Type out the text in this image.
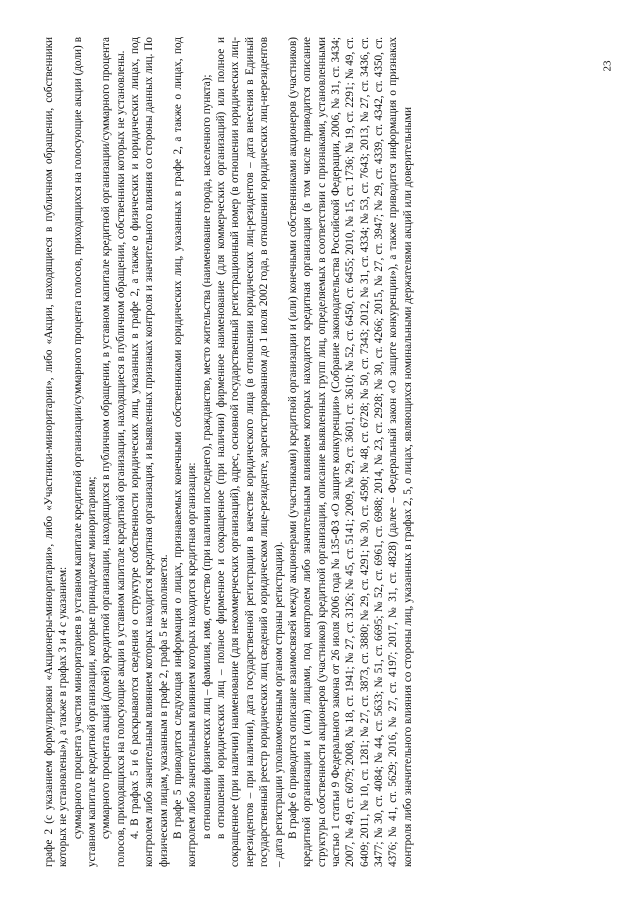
23

графе 2 (с указанием формулировки «Акционеры-миноритарии», либо «Участники-миноритарии», либо «Акции, находящиеся в публичном обращении, собственники которых не установлены»), а также в графах 3 и 4 с указанием: суммарного процента участия миноритариев в уставном капитале кредитной организации/суммарного процента голосов, приходящихся на голосующие акции (доли) в уставном капитале кредитной организации, которые принадлежат миноритариям; суммарного процента акций (долей) кредитной организации, находящихся в публичном обращении, в уставном капитале кредитной организации/суммарного процента голосов, приходящихся на голосующие акции в уставном капитале кредитной организации, находящиеся в публичном обращении, собственники которых не установлены. 4. В графах 5 и 6 раскрываются сведения о структуре собственности юридических лиц, указанных в графе 2, а также о физических и юридических лицах, под контролем либо значительным влиянием которых находится кредитная организация, и выявленных признаках контроля и значительного влияния со стороны данных лиц. По физическим лицам, указанным в графе 2, графа 5 не заполняется. В графе 5 приводится следующая информация о лицах, признаваемых конечными собственниками юридических лиц, указанных в графе 2, а также о лицах, под контролем либо значительным влиянием которых находится кредитная организация: в отношении физических лиц – фамилия, имя, отчество (при наличии последнего), гражданство, место жительства (наименование города, населенного пункта); в отношении юридических лиц – полное фирменное и сокращенное (при наличии) фирменное наименование (для коммерческих организаций) или полное и сокращенное (при наличии) наименование (для некоммерческих организаций), адрес, основной государственный регистрационный номер (в отношении юридических лиц-нерезидентов – при наличии), дата государственной регистрации в качестве юридического лица (в отношении юридических лиц-резидентов – дата внесения в Единый государственный реестр юридических лиц сведений о юридическом лице-резиденте, зарегистрированном до 1 июля 2002 года, в отношении юридических лиц-нерезидентов – дата регистрации уполномоченным органом страны регистрации). В графе 6 приводится описание взаимосвязей между акционерами (участниками) кредитной организации и (или) конечными собственниками акционеров (участников) кредитной организации и (или) лицами, под контролем либо значительным влиянием которых находится кредитная организация (в том числе приводится описание структуры собственности акционеров (участников) кредитной организации, описание выявленных групп лиц, определяемых в соответствии с признаками, установленными частью 1 статьи 9 Федерального закона от 26 июля 2006 года № 135-ФЗ «О защите конкуренции» (Собрание законодательства Российской Федерации, 2006, № 31, ст. 3434; 2007, № 49, ст. 6079; 2008, № 18, ст. 1941; № 27, ст. 3126; № 45, ст. 5141; 2009, № 29, ст. 3601, ст. 3610; № 52, ст. 6450, ст. 6455; 2010, № 15, ст. 1736; № 19, ст. 2291; № 49, ст. 6409; 2011, № 10, ст. 1281; № 27, ст. 3873, ст. 3880; № 29, ст. 4291; № 30, ст. 4590; № 48, ст. 6728; № 50, ст. 7343; 2012, № 31, ст. 4334; № 53, ст. 7643; 2013, № 27, ст. 3436, ст. 3477; № 30, ст. 4084; № 44, ст. 5633; № 51, ст. 6695; № 52, ст. 6961, ст. 6988; 2014, № 23, ст. 2928; № 30, ст. 4266; 2015, № 27, ст. 3947; № 29, ст. 4339, ст. 4342, ст. 4350, ст. 4376; № 41, ст. 5629; 2016, № 27, ст. 4197; 2017, № 31, ст. 4828) (далее – Федеральный закон «О защите конкуренции»), а также приводится информация о признаках контроля либо значительного влияния со стороны лиц, указанных в графах 2, 5, о лицах, являющихся номинальными держателями акций или доверительными
